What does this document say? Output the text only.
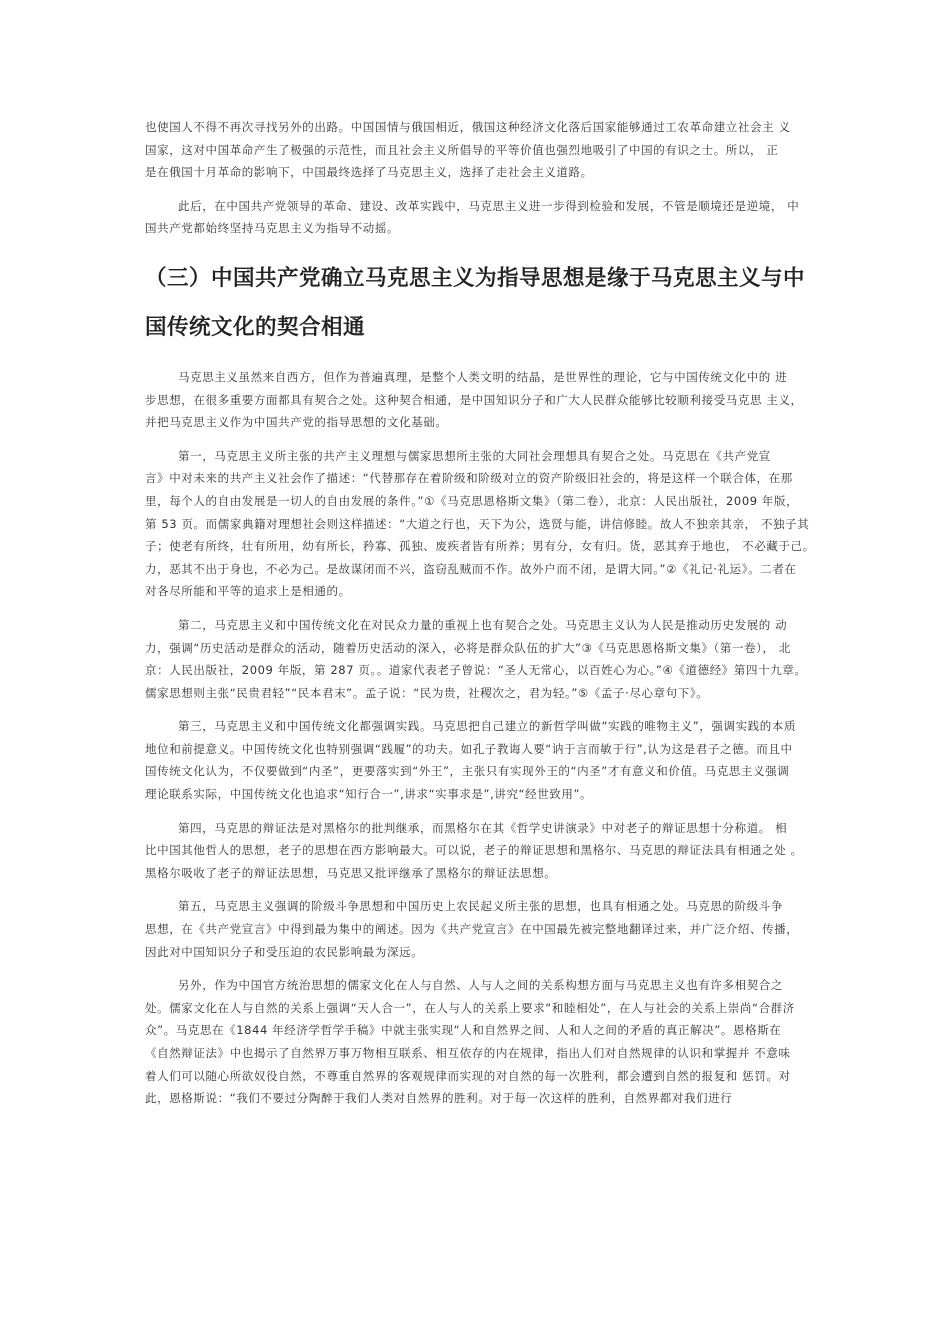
也使国人不得不再次寻找另外的出路。中国国情与俄国相近，俄国这种经济文化落后国家能够通过工农革命建立社会主 义
国家，这对中国革命产生了极强的示范性，而且社会主义所倡导的平等价值也强烈地吸引了中国的有识之士。所以， 正
是在俄国十月革命的影响下，中国最终选择了马克思主义，选择了走社会主义道路。
此后，在中国共产党领导的革命、建设、改革实践中，马克思主义进一步得到检验和发展，不管是顺境还是逆境， 中
国共产党都始终坚持马克思主义为指导不动摇。
（三）中国共产党确立马克思主义为指导思想是缘于马克思主义与中
国传统文化的契合相通
马克思主义虽然来自西方，但作为普遍真理，是整个人类文明的结晶，是世界性的理论，它与中国传统文化中的 进
步思想，在很多重要方面都具有契合之处。这种契合相通，是中国知识分子和广大人民群众能够比较顺利接受马克思 主义，
并把马克思主义作为中国共产党的指导思想的文化基础。
第一，马克思主义所主张的共产主义理想与儒家思想所主张的大同社会理想具有契合之处。马克思在《共产党宣
言》中对未来的共产主义社会作了描述：“代替那存在着阶级和阶级对立的资产阶级旧社会的，将是这样一个联合体，在那
里，每个人的自由发展是一切人的自由发展的条件。”①《马克思恩格斯文集》（第二卷），北京：人民出版社，2009 年版，
第 53 页。而儒家典籍对理想社会则这样描述：“大道之行也，天下为公，选贤与能，讲信修睦。故人不独亲其亲， 不独子其
子；使老有所终，壮有所用，幼有所长，矜寡、孤独、废疾者皆有所养；男有分，女有归。货，恶其弃于地也， 不必藏于己。
力，恶其不出于身也，不必为己。是故谋闭而不兴，盗窃乱贼而不作。故外户而不闭，是谓大同。”②《礼记·礼运》。二者在
对各尽所能和平等的追求上是相通的。
第二，马克思主义和中国传统文化在对民众力量的重视上也有契合之处。马克思主义认为人民是推动历史发展的 动
力，强调“历史活动是群众的活动，随着历史活动的深入，必将是群众队伍的扩大”③《马克思恩格斯文集》（第一卷）， 北
京：人民出版社，2009 年版，第 287 页。。道家代表老子曾说：“圣人无常心，以百姓心为心。”④《道德经》第四十九章。
儒家思想则主张“民贵君轻”“民本君末”。孟子说：“民为贵，社稷次之，君为轻。”⑤《孟子·尽心章句下》。
第三，马克思主义和中国传统文化都强调实践。马克思把自己建立的新哲学叫做“实践的唯物主义”，强调实践的本质
地位和前提意义。中国传统文化也特别强调“践履”的功夫。如孔子教诲人要“讷于言而敏于行”,认为这是君子之德。而且中
国传统文化认为，不仅要做到“内圣”，更要落实到“外王”，主张只有实现外王的“内圣”才有意义和价值。马克思主义强调
理论联系实际，中国传统文化也追求“知行合一”,讲求“实事求是”,讲究“经世致用”。
第四，马克思的辩证法是对黑格尔的批判继承，而黑格尔在其《哲学史讲演录》中对老子的辩证思想十分称道。 相
比中国其他哲人的思想，老子的思想在西方影响最大。可以说，老子的辩证思想和黑格尔、马克思的辩证法具有相通之处 。
黑格尔吸收了老子的辩证法思想，马克思又批评继承了黑格尔的辩证法思想。
第五，马克思主义强调的阶级斗争思想和中国历史上农民起义所主张的思想，也具有相通之处。马克思的阶级斗争
思想，在《共产党宣言》中得到最为集中的阐述。因为《共产党宣言》在中国最先被完整地翻译过来，并广泛介绍、传播，
因此对中国知识分子和受压迫的农民影响最为深远。
另外，作为中国官方统治思想的儒家文化在人与自然、人与人之间的关系构想方面与马克思主义也有许多相契合之
处。儒家文化在人与自然的关系上强调“天人合一”，在人与人的关系上要求“和睦相处”，在人与社会的关系上崇尚“合群济
众”。马克思在《1844 年经济学哲学手稿》中就主张实现“人和自然界之间、人和人之间的矛盾的真正解决”。恩格斯在
《自然辩证法》中也揭示了自然界万事万物相互联系、相互依存的内在规律，指出人们对自然规律的认识和掌握并 不意味
着人们可以随心所欲奴役自然，不尊重自然界的客观规律而实现的对自然的每一次胜利，都会遭到自然的报复和 惩罚。对
此，恩格斯说：“我们不要过分陶醉于我们人类对自然界的胜利。对于每一次这样的胜利，自然界都对我们进行
